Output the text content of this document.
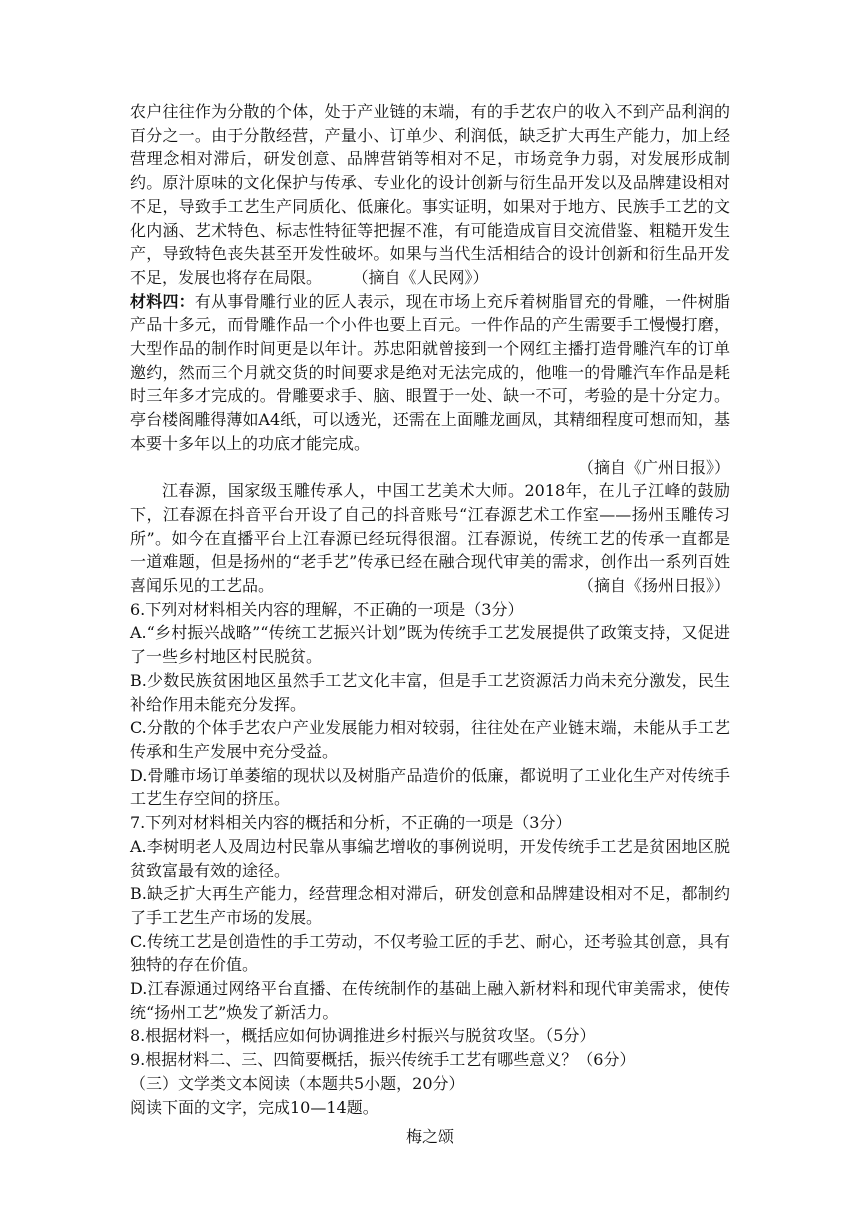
农户往往作为分散的个体，处于产业链的末端，有的手艺农户的收入不到产品利润的百分之一。由于分散经营，产量小、订单少、利润低，缺乏扩大再生产能力，加上经营理念相对滞后，研发创意、品牌营销等相对不足，市场竞争力弱，对发展形成制约。原汁原味的文化保护与传承、专业化的设计创新与衍生品开发以及品牌建设相对不足，导致手工艺生产同质化、低廉化。事实证明，如果对于地方、民族手工艺的文化内涵、艺术特色、标志性特征等把握不准，有可能造成盲目交流借鉴、粗糙开发生产，导致特色丧失甚至开发性破坏。如果与当代生活相结合的设计创新和衍生品开发不足，发展也将存在局限。 （摘自《人民网》）

材料四：有从事骨雕行业的匠人表示，现在市场上充斥着树脂冒充的骨雕，一件树脂产品十多元，而骨雕作品一个小件也要上百元。一件作品的产生需要手工慢慢打磨，大型作品的制作时间更是以年计。苏忠阳就曾接到一个网红主播打造骨雕汽车的订单邀约，然而三个月就交货的时间要求是绝对无法完成的，他唯一的骨雕汽车作品是耗时三年多才完成的。骨雕要求手、脑、眼置于一处、缺一不可，考验的是十分定力。亭台楼阁雕得薄如A4纸，可以透光，还需在上面雕龙画凤，其精细程度可想而知，基本要十多年以上的功底才能完成。

（摘自《广州日报》）

江春源，国家级玉雕传承人，中国工艺美术大师。2018年，在儿子江峰的鼓励下，江春源在抖音平台开设了自己的抖音账号“江春源艺术工作室——扬州玉雕传习所”。如今在直播平台上江春源已经玩得很溜。江春源说，传统工艺的传承一直都是一道难题，但是扬州的“老手艺”传承已经在融合现代审美的需求，创作出一系列百姓喜闻乐见的工艺品。	（摘自《扬州日报》）

6.下列对材料相关内容的理解，不正确的一项是（3分）

A.“乡村振兴战略”“传统工艺振兴计划”既为传统手工艺发展提供了政策支持，又促进了一些乡村地区村民脱贫。

B.少数民族贫困地区虽然手工艺文化丰富，但是手工艺资源活力尚未充分激发，民生补给作用未能充分发挥。

C.分散的个体手艺农户产业发展能力相对较弱，往往处在产业链末端，未能从手工艺传承和生产发展中充分受益。

D.骨雕市场订单萎缩的现状以及树脂产品造价的低廉，都说明了工业化生产对传统手工艺生存空间的挤压。

7.下列对材料相关内容的概括和分析，不正确的一项是（3分）

A.李树明老人及周边村民靠从事编艺增收的事例说明，开发传统手工艺是贫困地区脱贫致富最有效的途径。

B.缺乏扩大再生产能力，经营理念相对滞后，研发创意和品牌建设相对不足，都制约了手工艺生产市场的发展。

C.传统工艺是创造性的手工劳动，不仅考验工匠的手艺、耐心，还考验其创意，具有独特的存在价值。

D.江春源通过网络平台直播、在传统制作的基础上融入新材料和现代审美需求，使传统“扬州工艺”焕发了新活力。

8.根据材料一，概括应如何协调推进乡村振兴与脱贫攻坚。（5分）

9.根据材料二、三、四简要概括，振兴传统手工艺有哪些意义？（6分）

（三）文学类文本阅读（本题共5小题，20分）

阅读下面的文字，完成10—14题。

梅之颂
